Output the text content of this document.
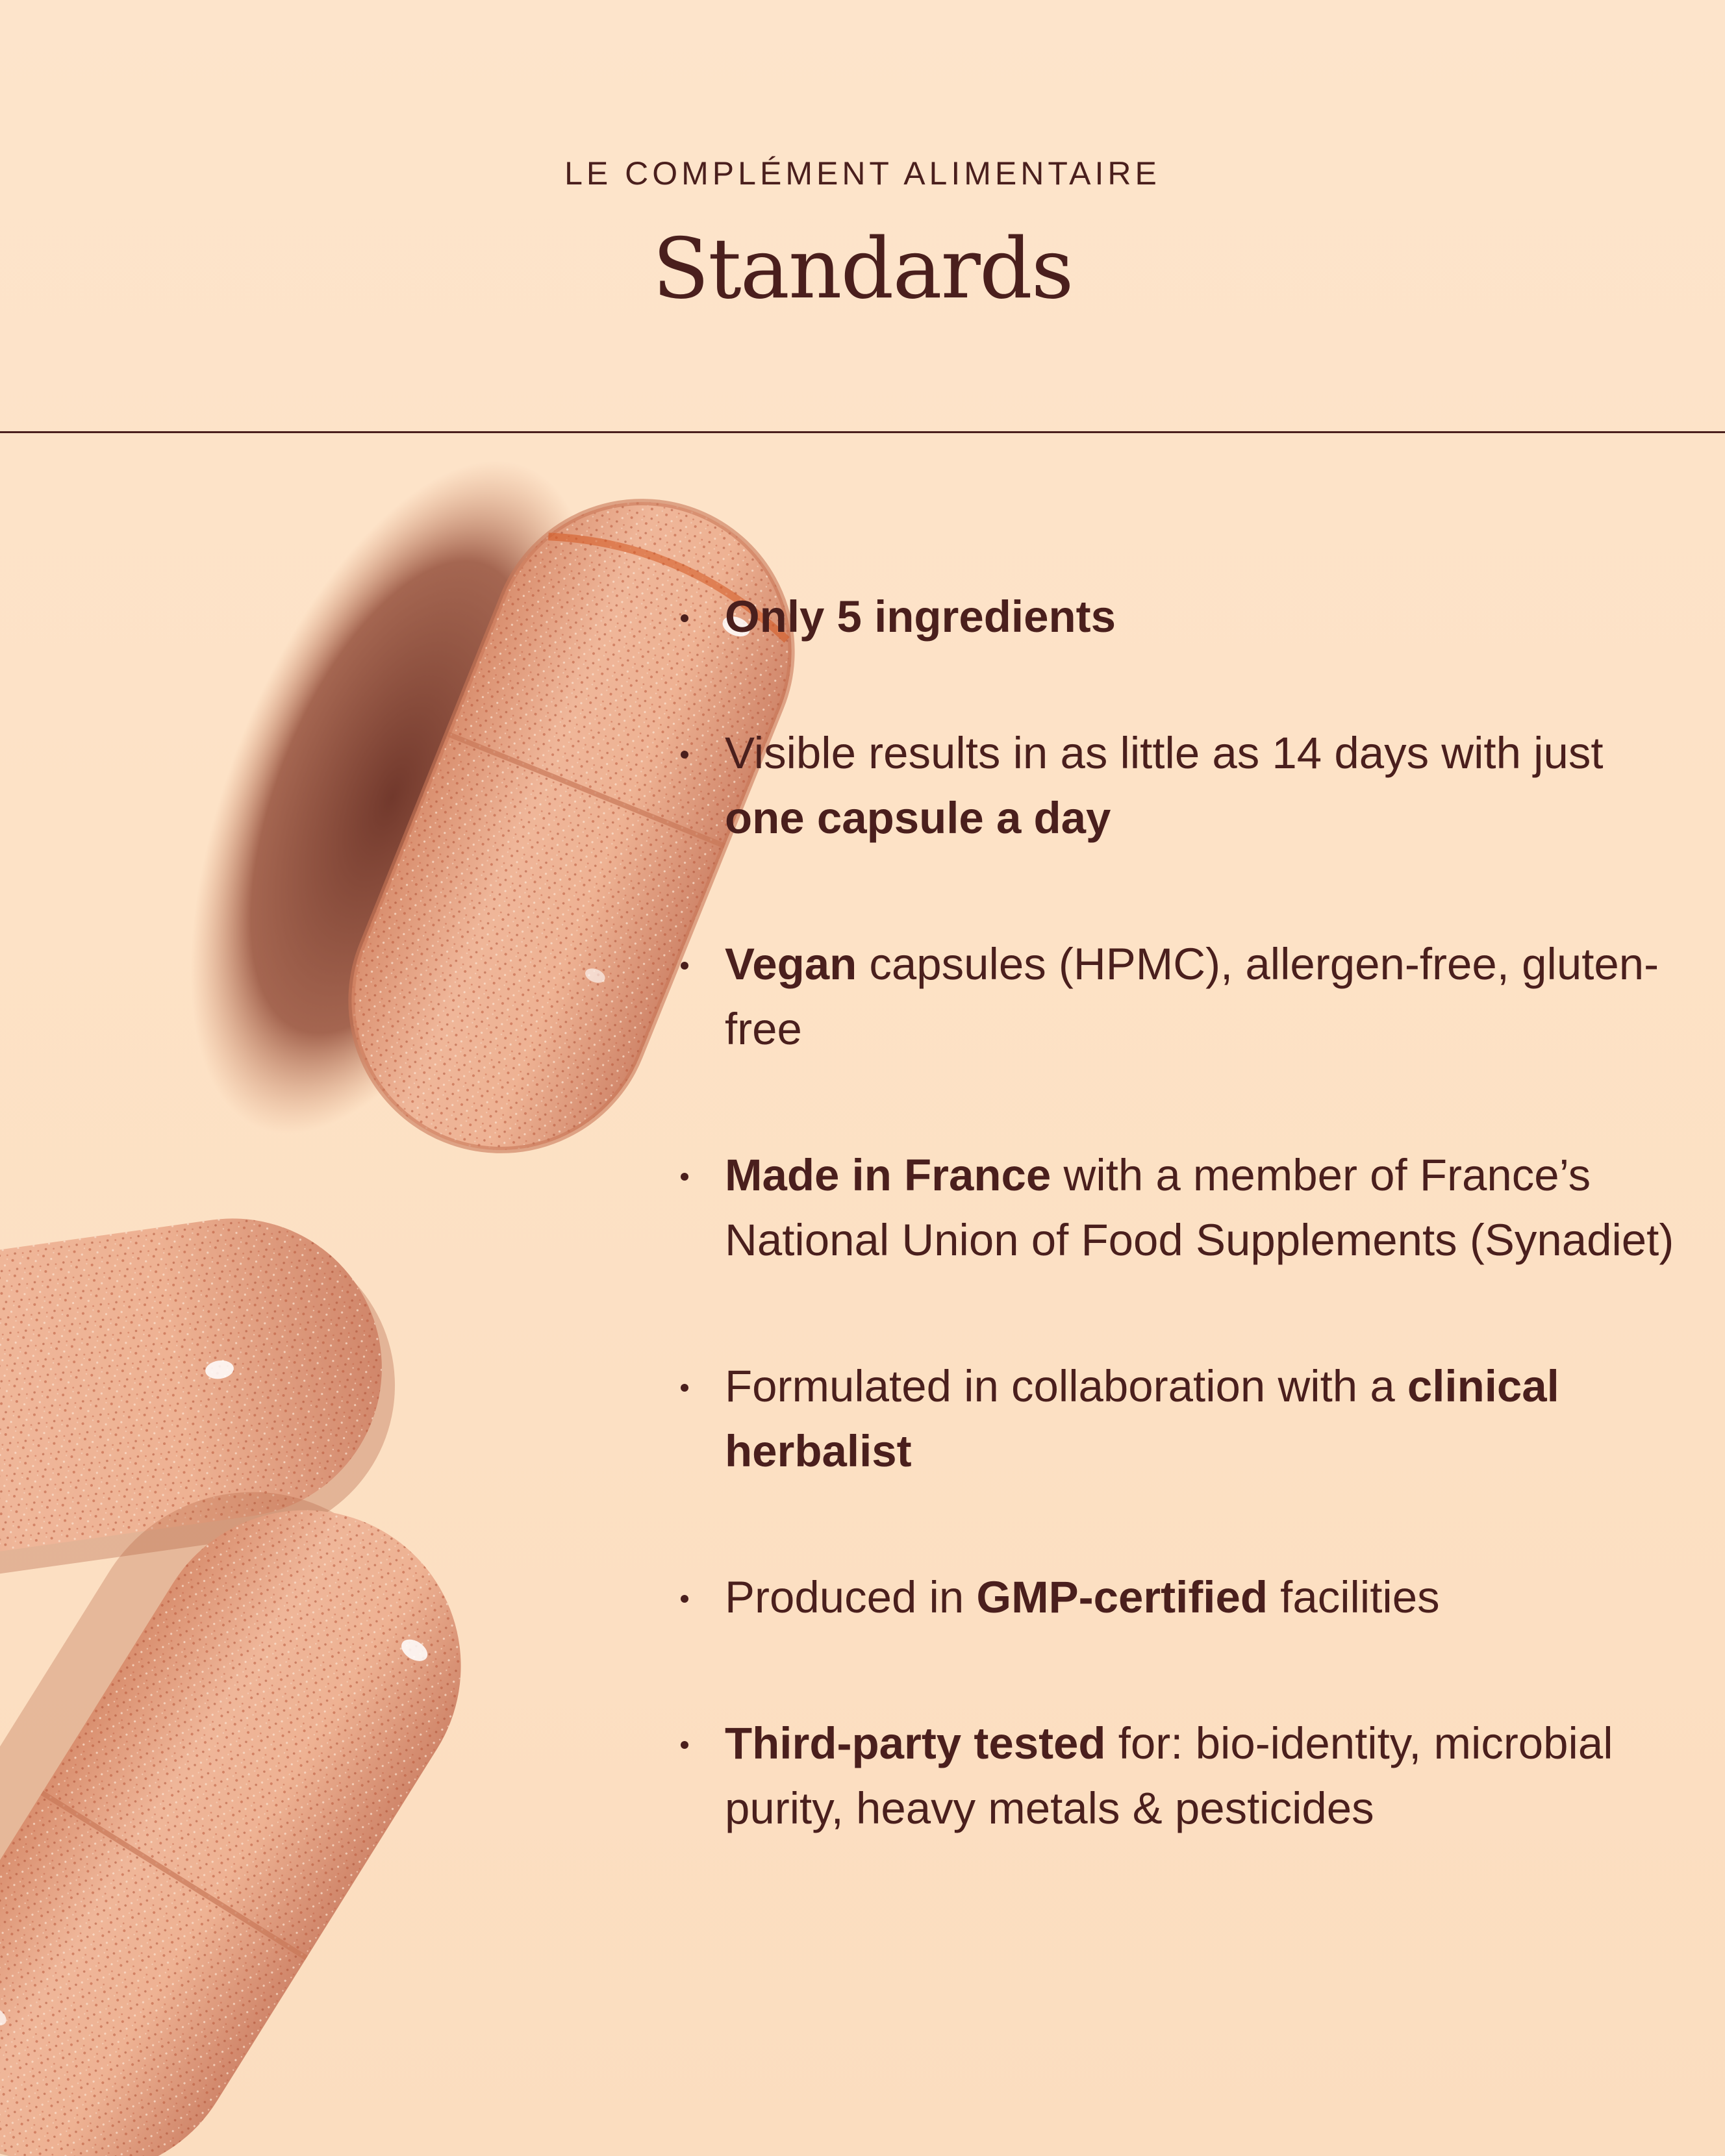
LE COMPLÉMENT ALIMENTAIRE
Standards
Only 5 ingredients
Visible results in as little as 14 days with just one capsule a day
Vegan capsules (HPMC), allergen-free, gluten-free
Made in France with a member of France’s National Union of Food Supplements (Synadiet)
Formulated in collaboration with a clinical herbalist
Produced in GMP-certified facilities
Third-party tested for: bio-identity, microbial purity, heavy metals & pesticides
